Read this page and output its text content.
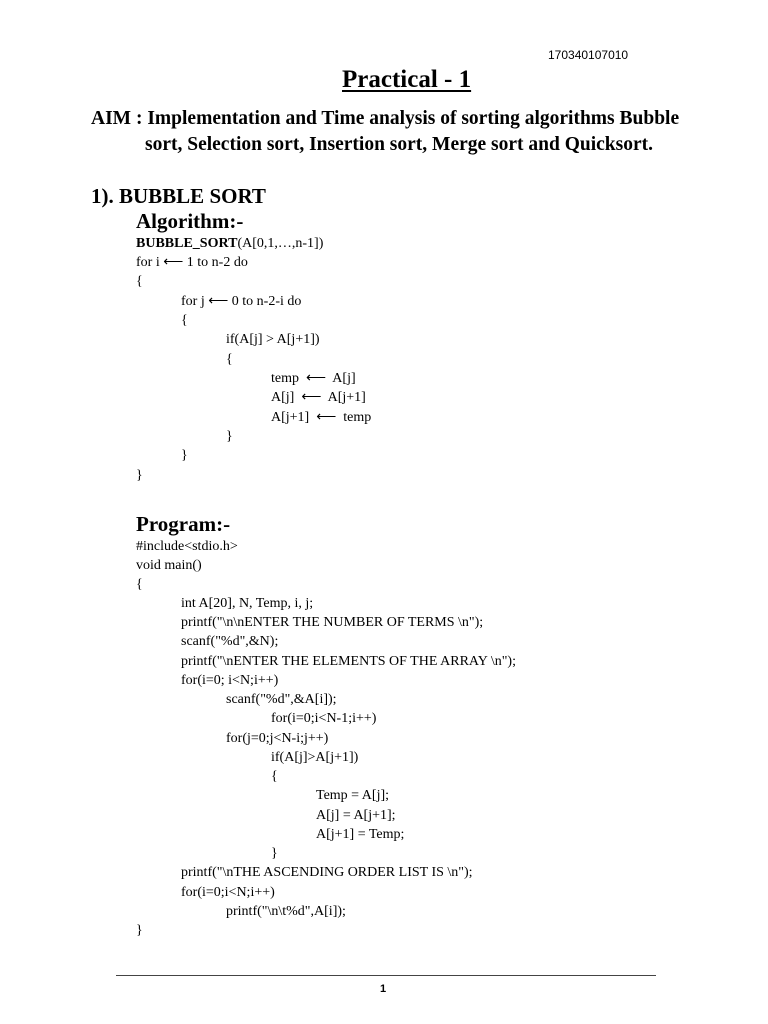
170340107010
Practical - 1
AIM : Implementation and Time analysis of sorting algorithms Bubble
sort, Selection sort, Insertion sort, Merge sort and Quicksort.
1). BUBBLE SORT
Algorithm:-
BUBBLE_SORT(A[0,1,…,n-1])
for i ⟵ 1 to n-2 do
{
for j ⟵ 0 to n-2-i do
{
if(A[j] > A[j+1])
{
temp  ⟵  A[j]
A[j]  ⟵  A[j+1]
A[j+1]  ⟵  temp
}
}
}
Program:-
#include<stdio.h>
void main()
{
int A[20], N, Temp, i, j;
printf("\n\nENTER THE NUMBER OF TERMS \n");
scanf("%d",&N);
printf("\nENTER THE ELEMENTS OF THE ARRAY \n");
for(i=0; i<N;i++)
scanf("%d",&A[i]);
for(i=0;i<N-1;i++)
for(j=0;j<N-i;j++)
if(A[j]>A[j+1])
{
Temp = A[j];
A[j] = A[j+1];
A[j+1] = Temp;
}
printf("\nTHE ASCENDING ORDER LIST IS \n");
for(i=0;i<N;i++)
printf("\n\t%d",A[i]);
}
1
